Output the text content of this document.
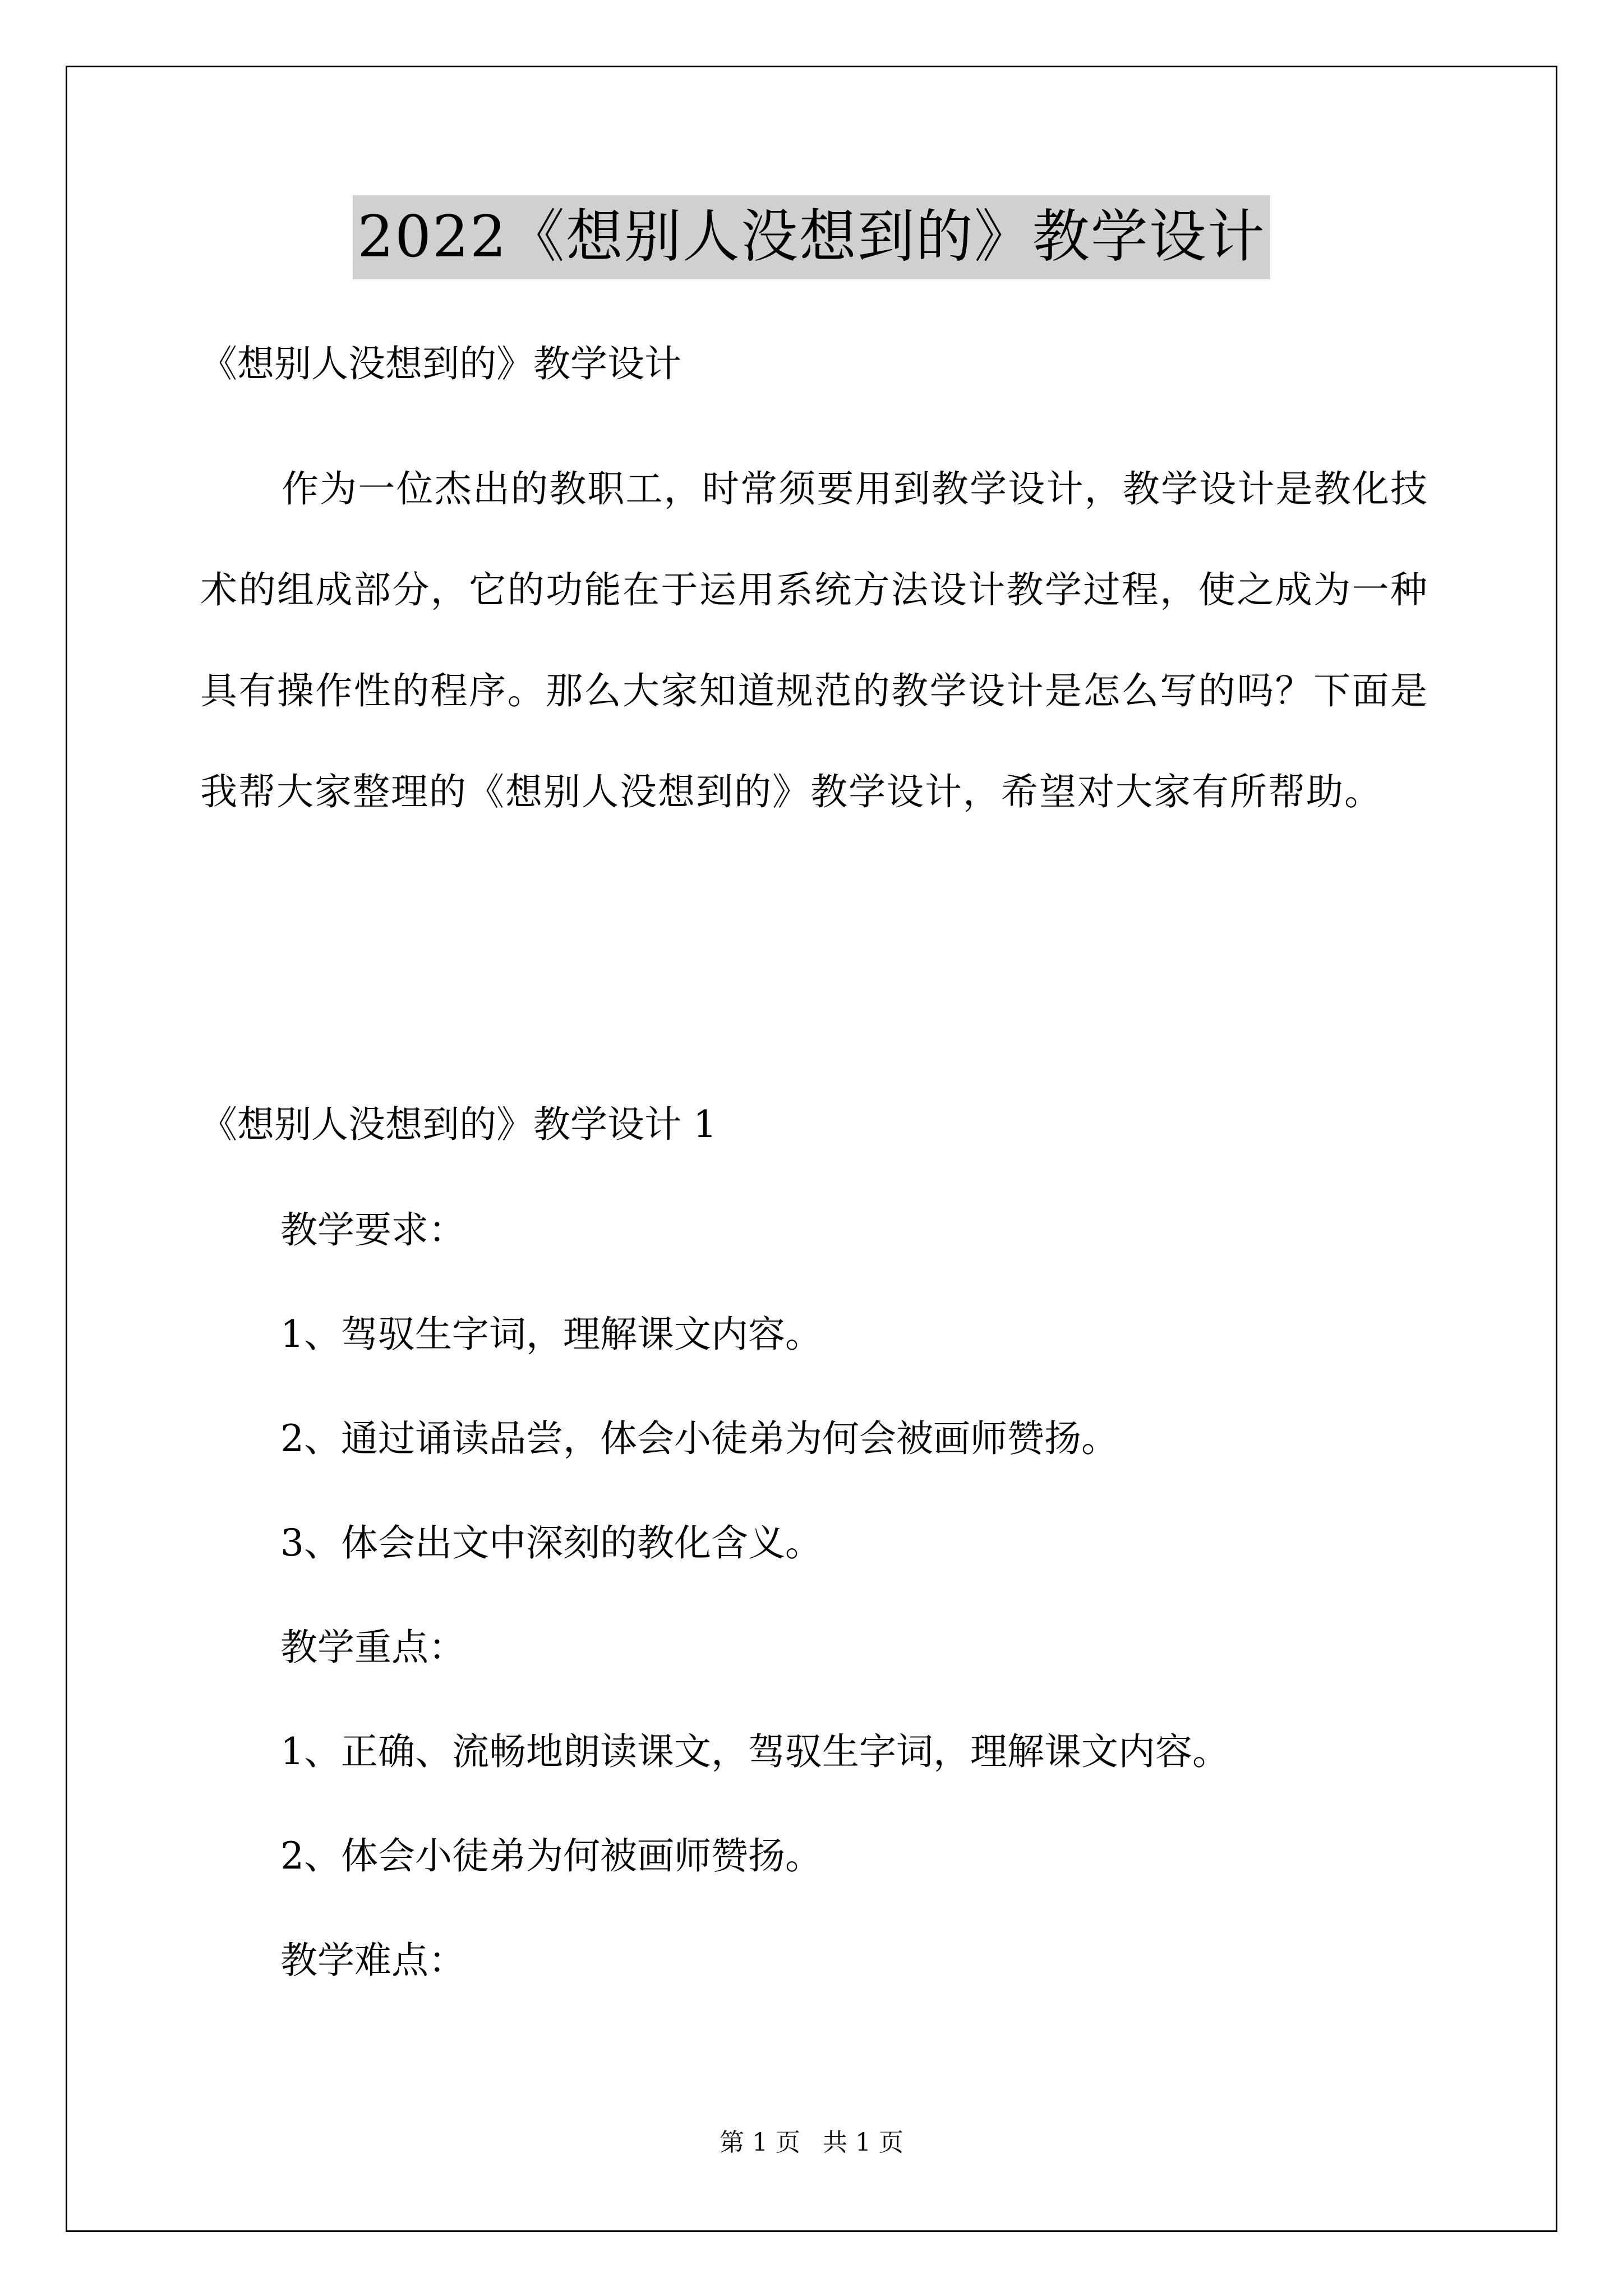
2022《想别人没想到的》教学设计
《想别人没想到的》教学设计
作为一位杰出的教职工，时常须要用到教学设计，教学设计是教化技术的组成部分，它的功能在于运用系统方法设计教学过程，使之成为一种具有操作性的程序。那么大家知道规范的教学设计是怎么写的吗？下面是我帮大家整理的《想别人没想到的》教学设计，希望对大家有所帮助。
《想别人没想到的》教学设计 1
教学要求：
1、驾驭生字词，理解课文内容。
2、通过诵读品尝，体会小徒弟为何会被画师赞扬。
3、体会出文中深刻的教化含义。
教学重点：
1、正确、流畅地朗读课文，驾驭生字词，理解课文内容。
2、体会小徒弟为何被画师赞扬。
教学难点：
第 1 页 共 1 页
